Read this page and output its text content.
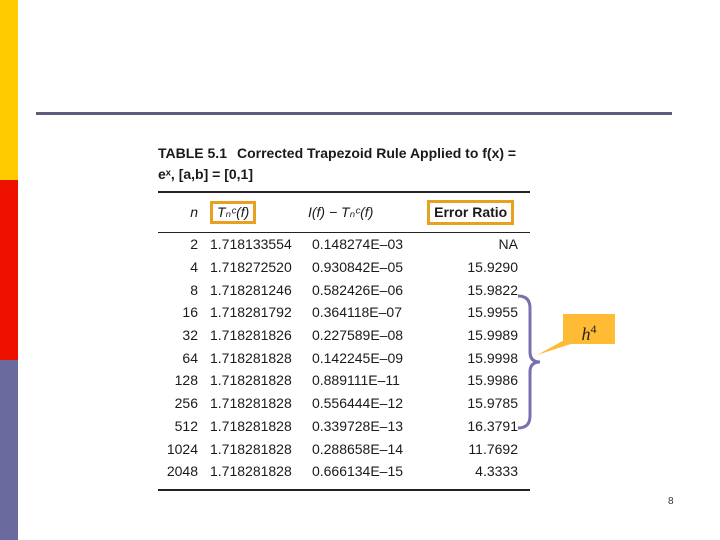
TABLE 5.1 Corrected Trapezoid Rule Applied to f(x) = eˣ, [a,b] = [0,1]
n	Tₙᶜ(f)	I(f) − Tₙᶜ(f)	Error Ratio

2	1.718133554	0.148274E–03	NA
4	1.718272520	0.930842E–05	15.9290
8	1.718281246	0.582426E–06	15.9822
16	1.718281792	0.364118E–07	15.9955
32	1.718281826	0.227589E–08	15.9989
64	1.718281828	0.142245E–09	15.9998
128	1.718281828	0.889111E–11	15.9986
256	1.718281828	0.556444E–12	15.9785
512	1.718281828	0.339728E–13	16.3791
1024	1.718281828	0.288658E–14	11.7692
2048	1.718281828	0.666134E–15	4.3333
$h^4$
8
